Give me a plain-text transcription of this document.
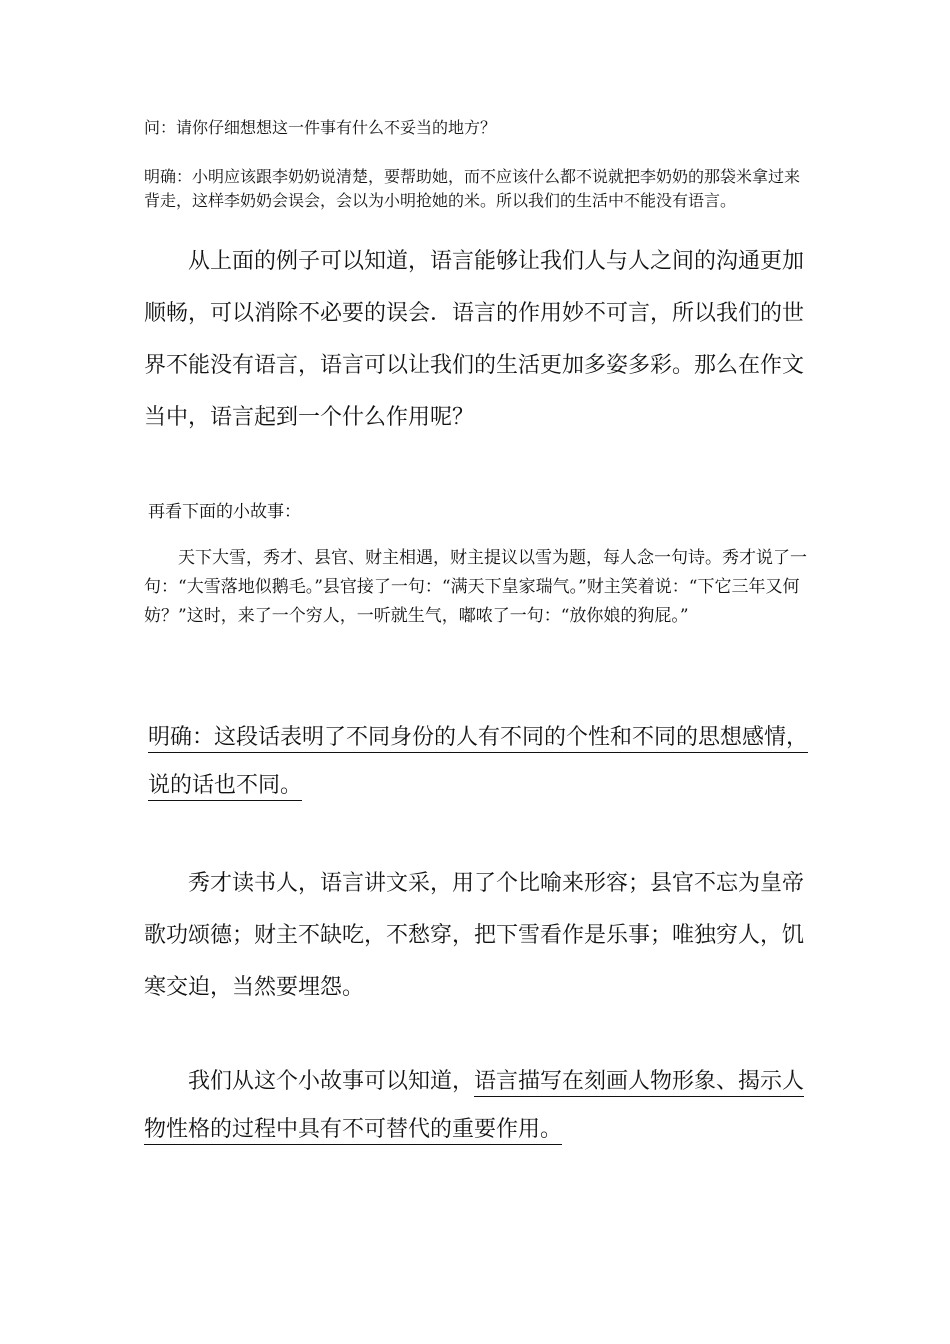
问：请你仔细想想这一件事有什么不妥当的地方？

明确：小明应该跟李奶奶说清楚，要帮助她，而不应该什么都不说就把李奶奶的那袋米拿过来背走，这样李奶奶会误会，会以为小明抢她的米。所以我们的生活中不能没有语言。

从上面的例子可以知道，语言能够让我们人与人之间的沟通更加顺畅，可以消除不必要的误会．语言的作用妙不可言，所以我们的世界不能没有语言，语言可以让我们的生活更加多姿多彩。那么在作文当中，语言起到一个什么作用呢？

再看下面的小故事：

天下大雪，秀才、县官、财主相遇，财主提议以雪为题，每人念一句诗。秀才说了一句：“大雪落地似鹅毛。”县官接了一句：“满天下皇家瑞气。”财主笑着说：“下它三年又何妨？”这时，来了一个穷人，一听就生气，嘟哝了一句：“放你娘的狗屁。”

明确：这段话表明了不同身份的人有不同的个性和不同的思想感情，说的话也不同。

秀才读书人，语言讲文采，用了个比喻来形容；县官不忘为皇帝歌功颂德；财主不缺吃，不愁穿，把下雪看作是乐事；唯独穷人，饥寒交迫，当然要埋怨。

我们从这个小故事可以知道，语言描写在刻画人物形象、揭示人物性格的过程中具有不可替代的重要作用。
